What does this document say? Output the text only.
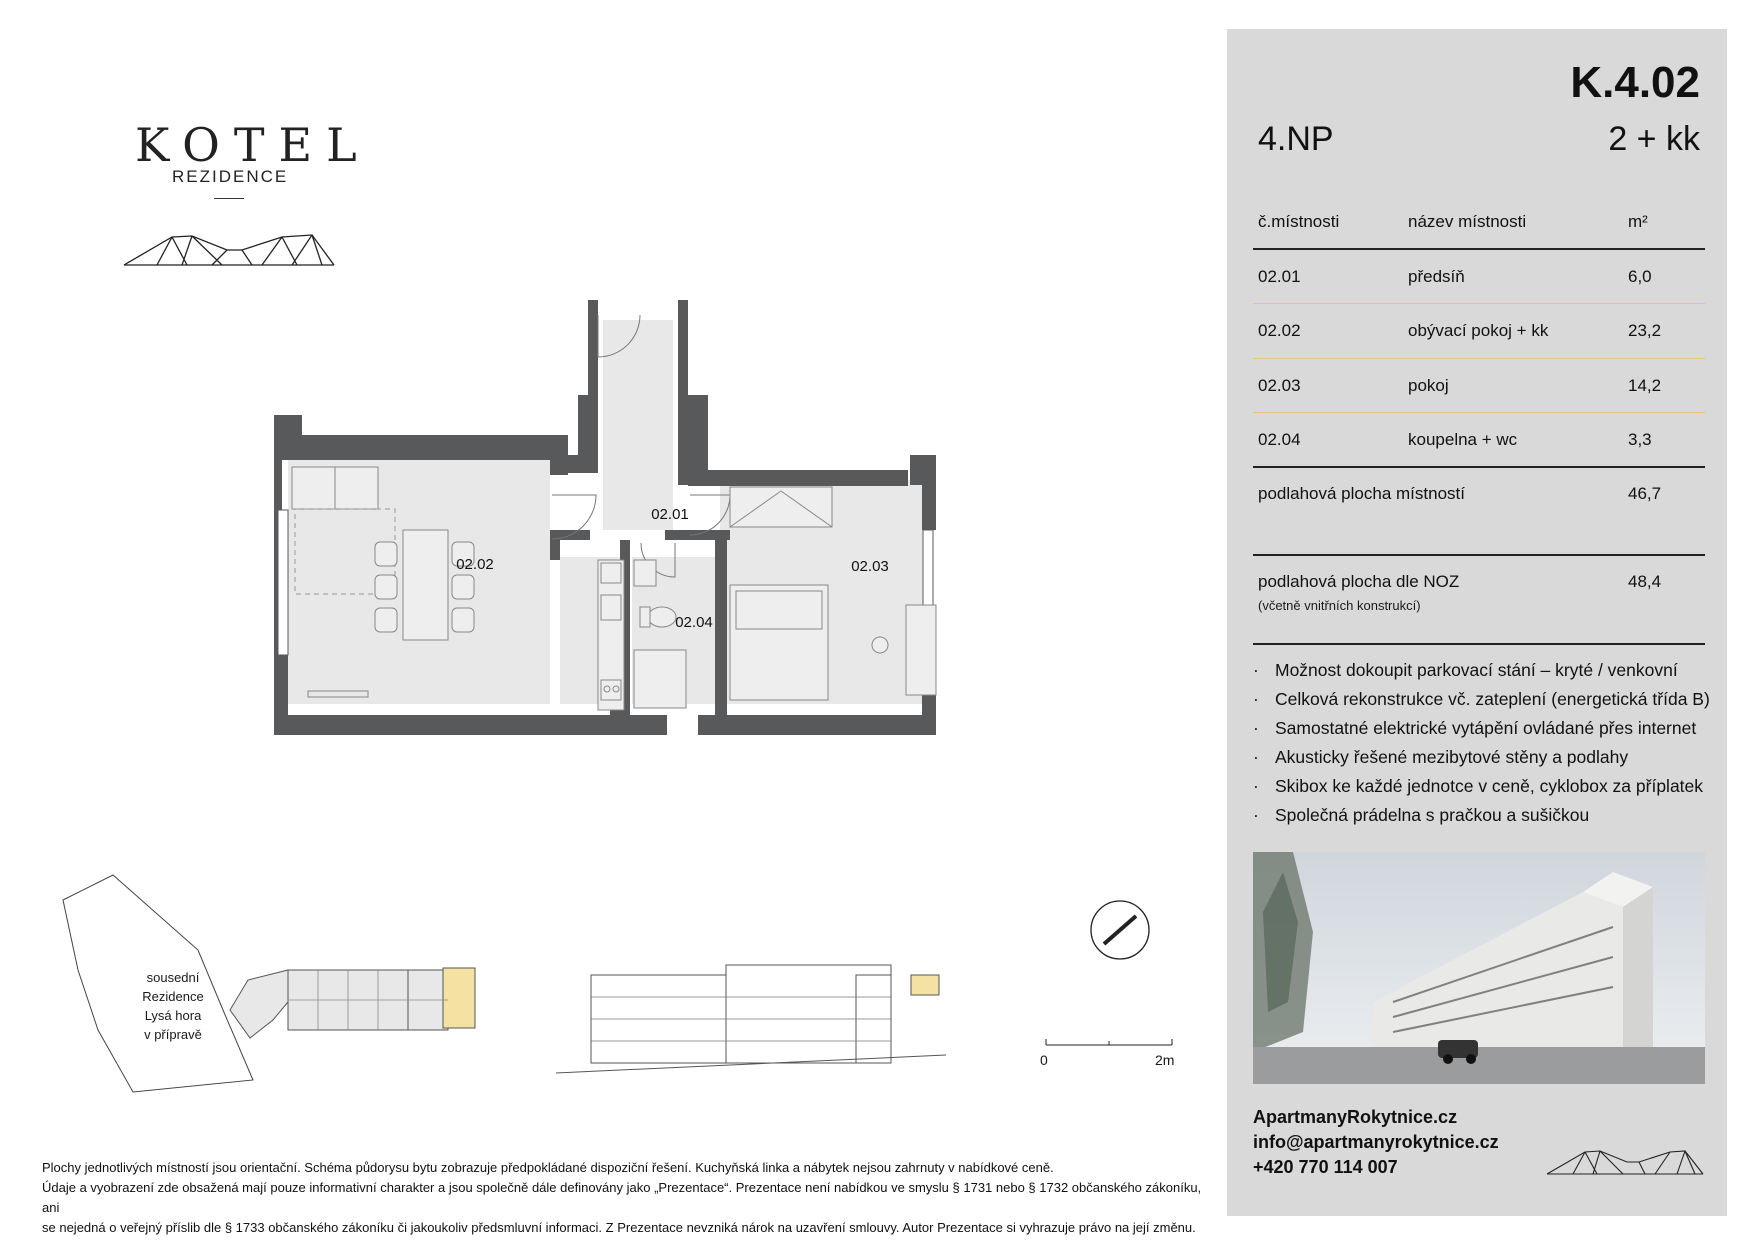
KOTEL
REZIDENCE
02.01
02.02	02.03
02.04
sousední
Rezidence
Lysá hora
v přípravě
0	2m
K.4.02
4.NP	2 + kk
č.místnosti	název místnosti	m²
02.01	předsíň	6,0
02.02	obývací pokoj + kk	23,2
02.03	pokoj	14,2
02.04	koupelna + wc	3,3
podlahová plocha místností	46,7
podlahová plocha dle NOZ	48,4
(včetně vnitřních konstrukcí)
· Možnost dokoupit parkovací stání – kryté / venkovní
· Celková rekonstrukce vč. zateplení (energetická třída B)
· Samostatné elektrické vytápění ovládané přes internet
· Akusticky řešené mezibytové stěny a podlahy
· Skibox ke každé jednotce v ceně, cyklobox za příplatek
· Společná prádelna s pračkou a sušičkou
ApartmanyRokytnice.cz
info@apartmanyrokytnice.cz
+420 770 114 007
Plochy jednotlivých místností jsou orientační. Schéma půdorysu bytu zobrazuje předpokládané dispoziční řešení. Kuchyňská linka a nábytek nejsou zahrnuty v nabídkové ceně.
Údaje a vyobrazení zde obsažená mají pouze informativní charakter a jsou společně dále definovány jako „Prezentace“. Prezentace není nabídkou ve smyslu § 1731 nebo § 1732 občanského zákoníku, ani
se nejedná o veřejný příslib dle § 1733 občanského zákoníku či jakoukoliv předsmluvní informaci. Z Prezentace nevzniká nárok na uzavření smlouvy. Autor Prezentace si vyhrazuje právo na její změnu.
